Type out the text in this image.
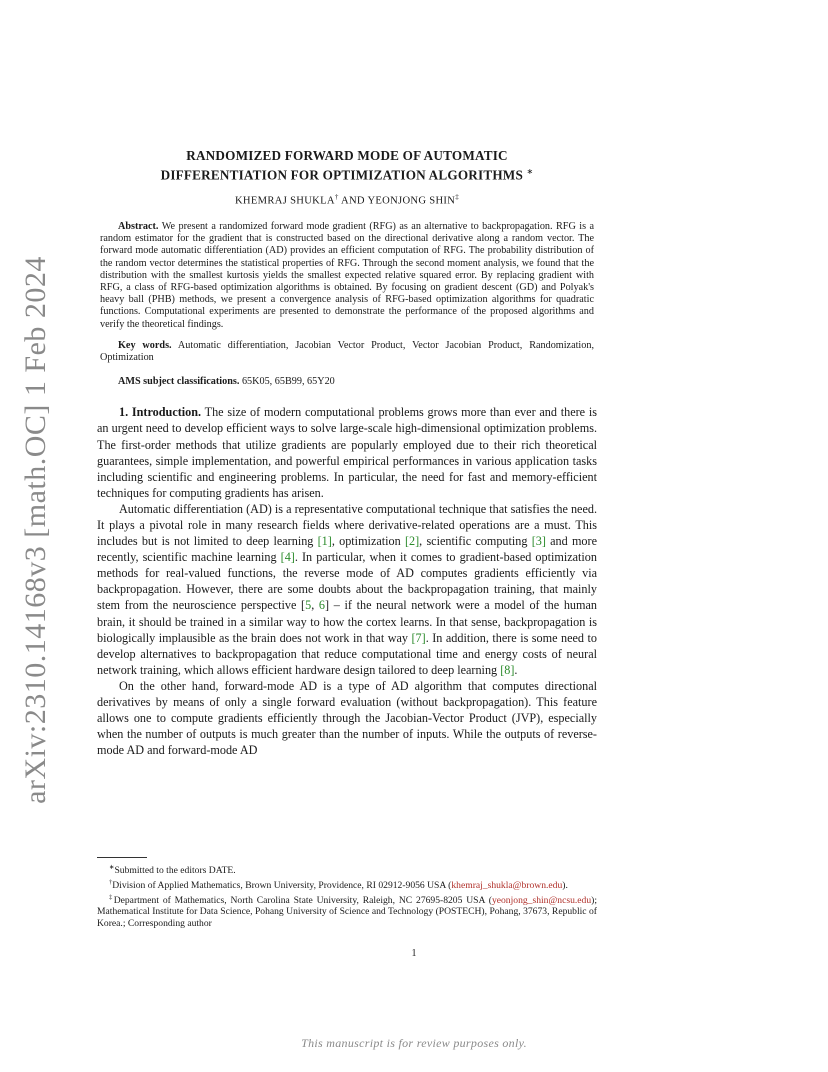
arXiv:2310.14168v3 [math.OC] 1 Feb 2024
RANDOMIZED FORWARD MODE OF AUTOMATIC
DIFFERENTIATION FOR OPTIMIZATION ALGORITHMS ∗
KHEMRAJ SHUKLA† AND YEONJONG SHIN‡
Abstract. We present a randomized forward mode gradient (RFG) as an alternative to backpropagation. RFG is a random estimator for the gradient that is constructed based on the directional derivative along a random vector. The forward mode automatic differentiation (AD) provides an efficient computation of RFG. The probability distribution of the random vector determines the statistical properties of RFG. Through the second moment analysis, we found that the distribution with the smallest kurtosis yields the smallest expected relative squared error. By replacing gradient with RFG, a class of RFG-based optimization algorithms is obtained. By focusing on gradient descent (GD) and Polyak's heavy ball (PHB) methods, we present a convergence analysis of RFG-based optimization algorithms for quadratic functions. Computational experiments are presented to demonstrate the performance of the proposed algorithms and verify the theoretical findings.
Key words. Automatic differentiation, Jacobian Vector Product, Vector Jacobian Product, Randomization, Optimization
AMS subject classifications. 65K05, 65B99, 65Y20

1. Introduction. The size of modern computational problems grows more than ever and there is an urgent need to develop efficient ways to solve large-scale high-dimensional optimization problems. The first-order methods that utilize gradients are popularly employed due to their rich theoretical guarantees, simple implementation, and powerful empirical performances in various application tasks including scientific and engineering problems. In particular, the need for fast and memory-efficient techniques for computing gradients has arisen.

Automatic differentiation (AD) is a representative computational technique that satisfies the need. It plays a pivotal role in many research fields where derivative-related operations are a must. This includes but is not limited to deep learning [1], optimization [2], scientific computing [3] and more recently, scientific machine learning [4]. In particular, when it comes to gradient-based optimization methods for real-valued functions, the reverse mode of AD computes gradients efficiently via backpropagation. However, there are some doubts about the backpropagation training, that mainly stem from the neuroscience perspective [5, 6] – if the neural network were a model of the human brain, it should be trained in a similar way to how the cortex learns. In that sense, backpropagation is biologically implausible as the brain does not work in that way [7]. In addition, there is some need to develop alternatives to backpropagation that reduce computational time and energy costs of neural network training, which allows efficient hardware design tailored to deep learning [8].

On the other hand, forward-mode AD is a type of AD algorithm that computes directional derivatives by means of only a single forward evaluation (without backpropagation). This feature allows one to compute gradients efficiently through the Jacobian-Vector Product (JVP), especially when the number of outputs is much greater than the number of inputs. While the outputs of reverse-mode AD and forward-mode AD

∗Submitted to the editors DATE.

†Division of Applied Mathematics, Brown University, Providence, RI 02912-9056 USA (khemraj_shukla@brown.edu).

‡Department of Mathematics, North Carolina State University, Raleigh, NC 27695-8205 USA (yeonjong_shin@ncsu.edu); Mathematical Institute for Data Science, Pohang University of Science and Technology (POSTECH), Pohang, 37673, Republic of Korea.; Corresponding author

1
This manuscript is for review purposes only.
